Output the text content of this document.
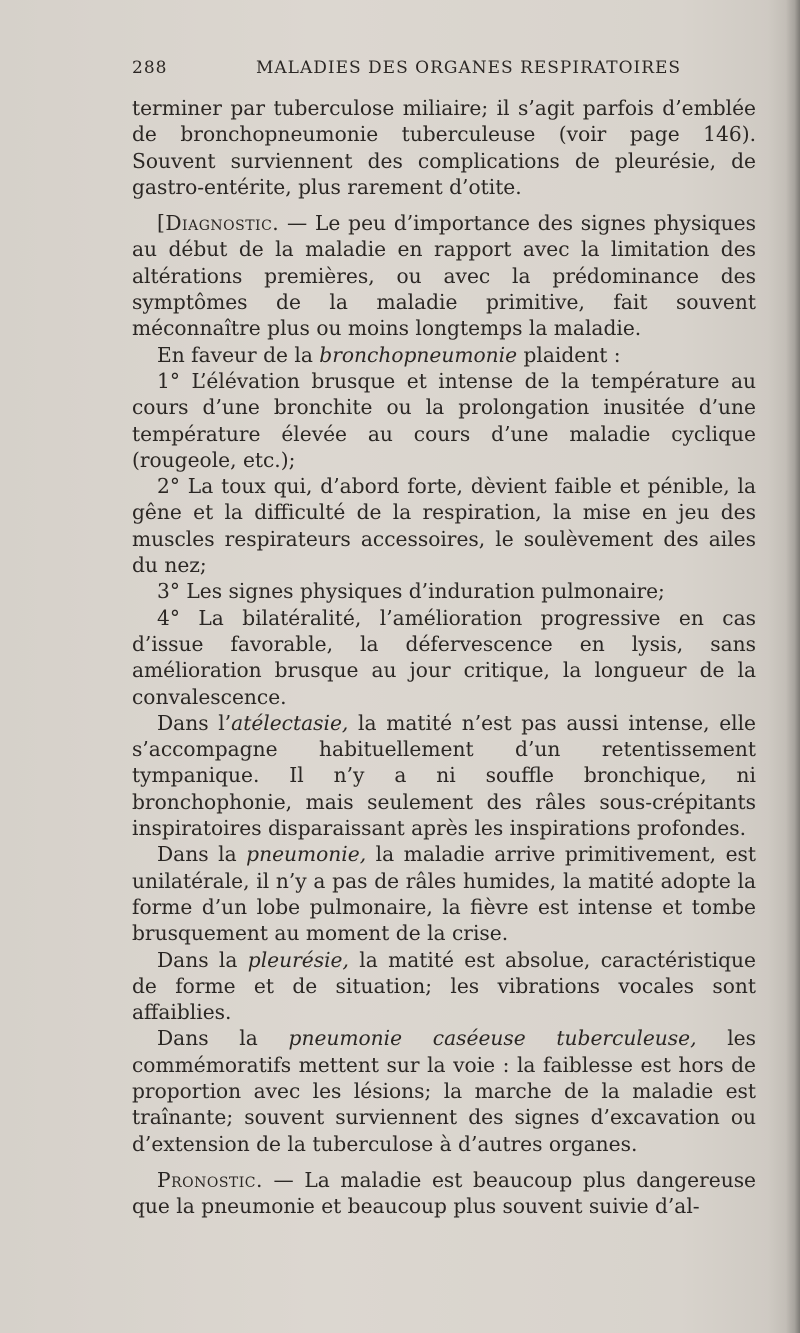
288	MALADIES DES ORGANES RESPIRATOIRES

terminer par tuberculose miliaire; il s’agit parfois d’emblée de bronchopneumonie tuberculeuse (voir page 146). Souvent surviennent des complications de pleurésie, de gastro-entérite, plus rarement d’otite.

[Diagnostic. — Le peu d’importance des signes physiques au début de la maladie en rapport avec la limitation des altérations premières, ou avec la prédominance des symptômes de la maladie primitive, fait souvent méconnaître plus ou moins longtemps la maladie.

En faveur de la bronchopneumonie plaident :

1° L’élévation brusque et intense de la température au cours d’une bronchite ou la prolongation inusitée d’une température élevée au cours d’une maladie cyclique (rougeole, etc.);

2° La toux qui, d’abord forte, dèvient faible et pénible, la gêne et la difficulté de la respiration, la mise en jeu des muscles respirateurs accessoires, le soulèvement des ailes du nez;

3° Les signes physiques d’induration pulmonaire;

4° La bilatéralité, l’amélioration progressive en cas d’issue favorable, la défervescence en lysis, sans amélioration brusque au jour critique, la longueur de la convalescence.

Dans l’atélectasie, la matité n’est pas aussi intense, elle s’accompagne habituellement d’un retentissement tympanique. Il n’y a ni souffle bronchique, ni bronchophonie, mais seulement des râles sous-crépitants inspiratoires disparaissant après les inspirations profondes.

Dans la pneumonie, la maladie arrive primitivement, est unilatérale, il n’y a pas de râles humides, la matité adopte la forme d’un lobe pulmonaire, la fièvre est intense et tombe brusquement au moment de la crise.

Dans la pleurésie, la matité est absolue, caractéristique de forme et de situation; les vibrations vocales sont affaiblies.

Dans la pneumonie caséeuse tuberculeuse, les commémoratifs mettent sur la voie : la faiblesse est hors de proportion avec les lésions; la marche de la maladie est traînante; souvent surviennent des signes d’excavation ou d’extension de la tuberculose à d’autres organes.

Pronostic. — La maladie est beaucoup plus dangereuse que la pneumonie et beaucoup plus souvent suivie d’al-
